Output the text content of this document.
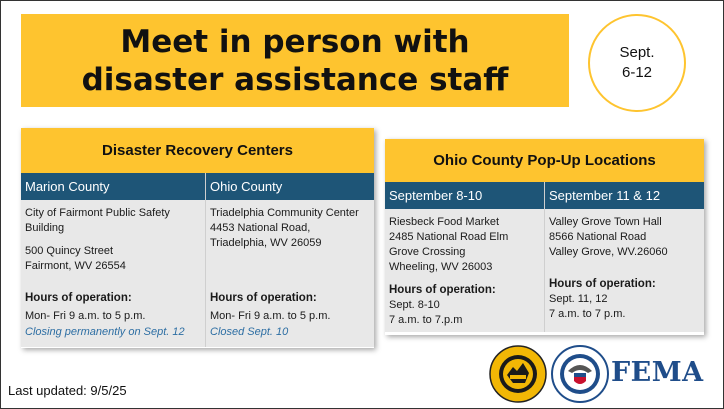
Meet in person with
disaster assistance staff
Sept.
6-12
Disaster Recovery Centers
Marion County	Ohio County
City of Fairmont Public Safety
Building
500 Quincy Street
Fairmont, WV 26554
Hours of operation:
Mon- Fri 9 a.m. to 5 p.m.
Closing permanently on Sept. 12
Triadelphia Community Center
4453 National Road,
Triadelphia, WV 26059
Hours of operation:
Mon- Fri 9 a.m. to 5 p.m.
Closed Sept. 10
Ohio County Pop-Up Locations
September 8-10	September 11 & 12
Riesbeck Food Market
2485 National Road Elm
Grove Crossing
Wheeling, WV 26003
Hours of operation:
Sept. 8-10
7 a.m. to 7.p.m
Valley Grove Town Hall
8566 National Road
Valley Grove, WV.26060
Hours of operation:
Sept. 11, 12
7 a.m. to 7 p.m.
Last updated: 9/5/25
FEMA
